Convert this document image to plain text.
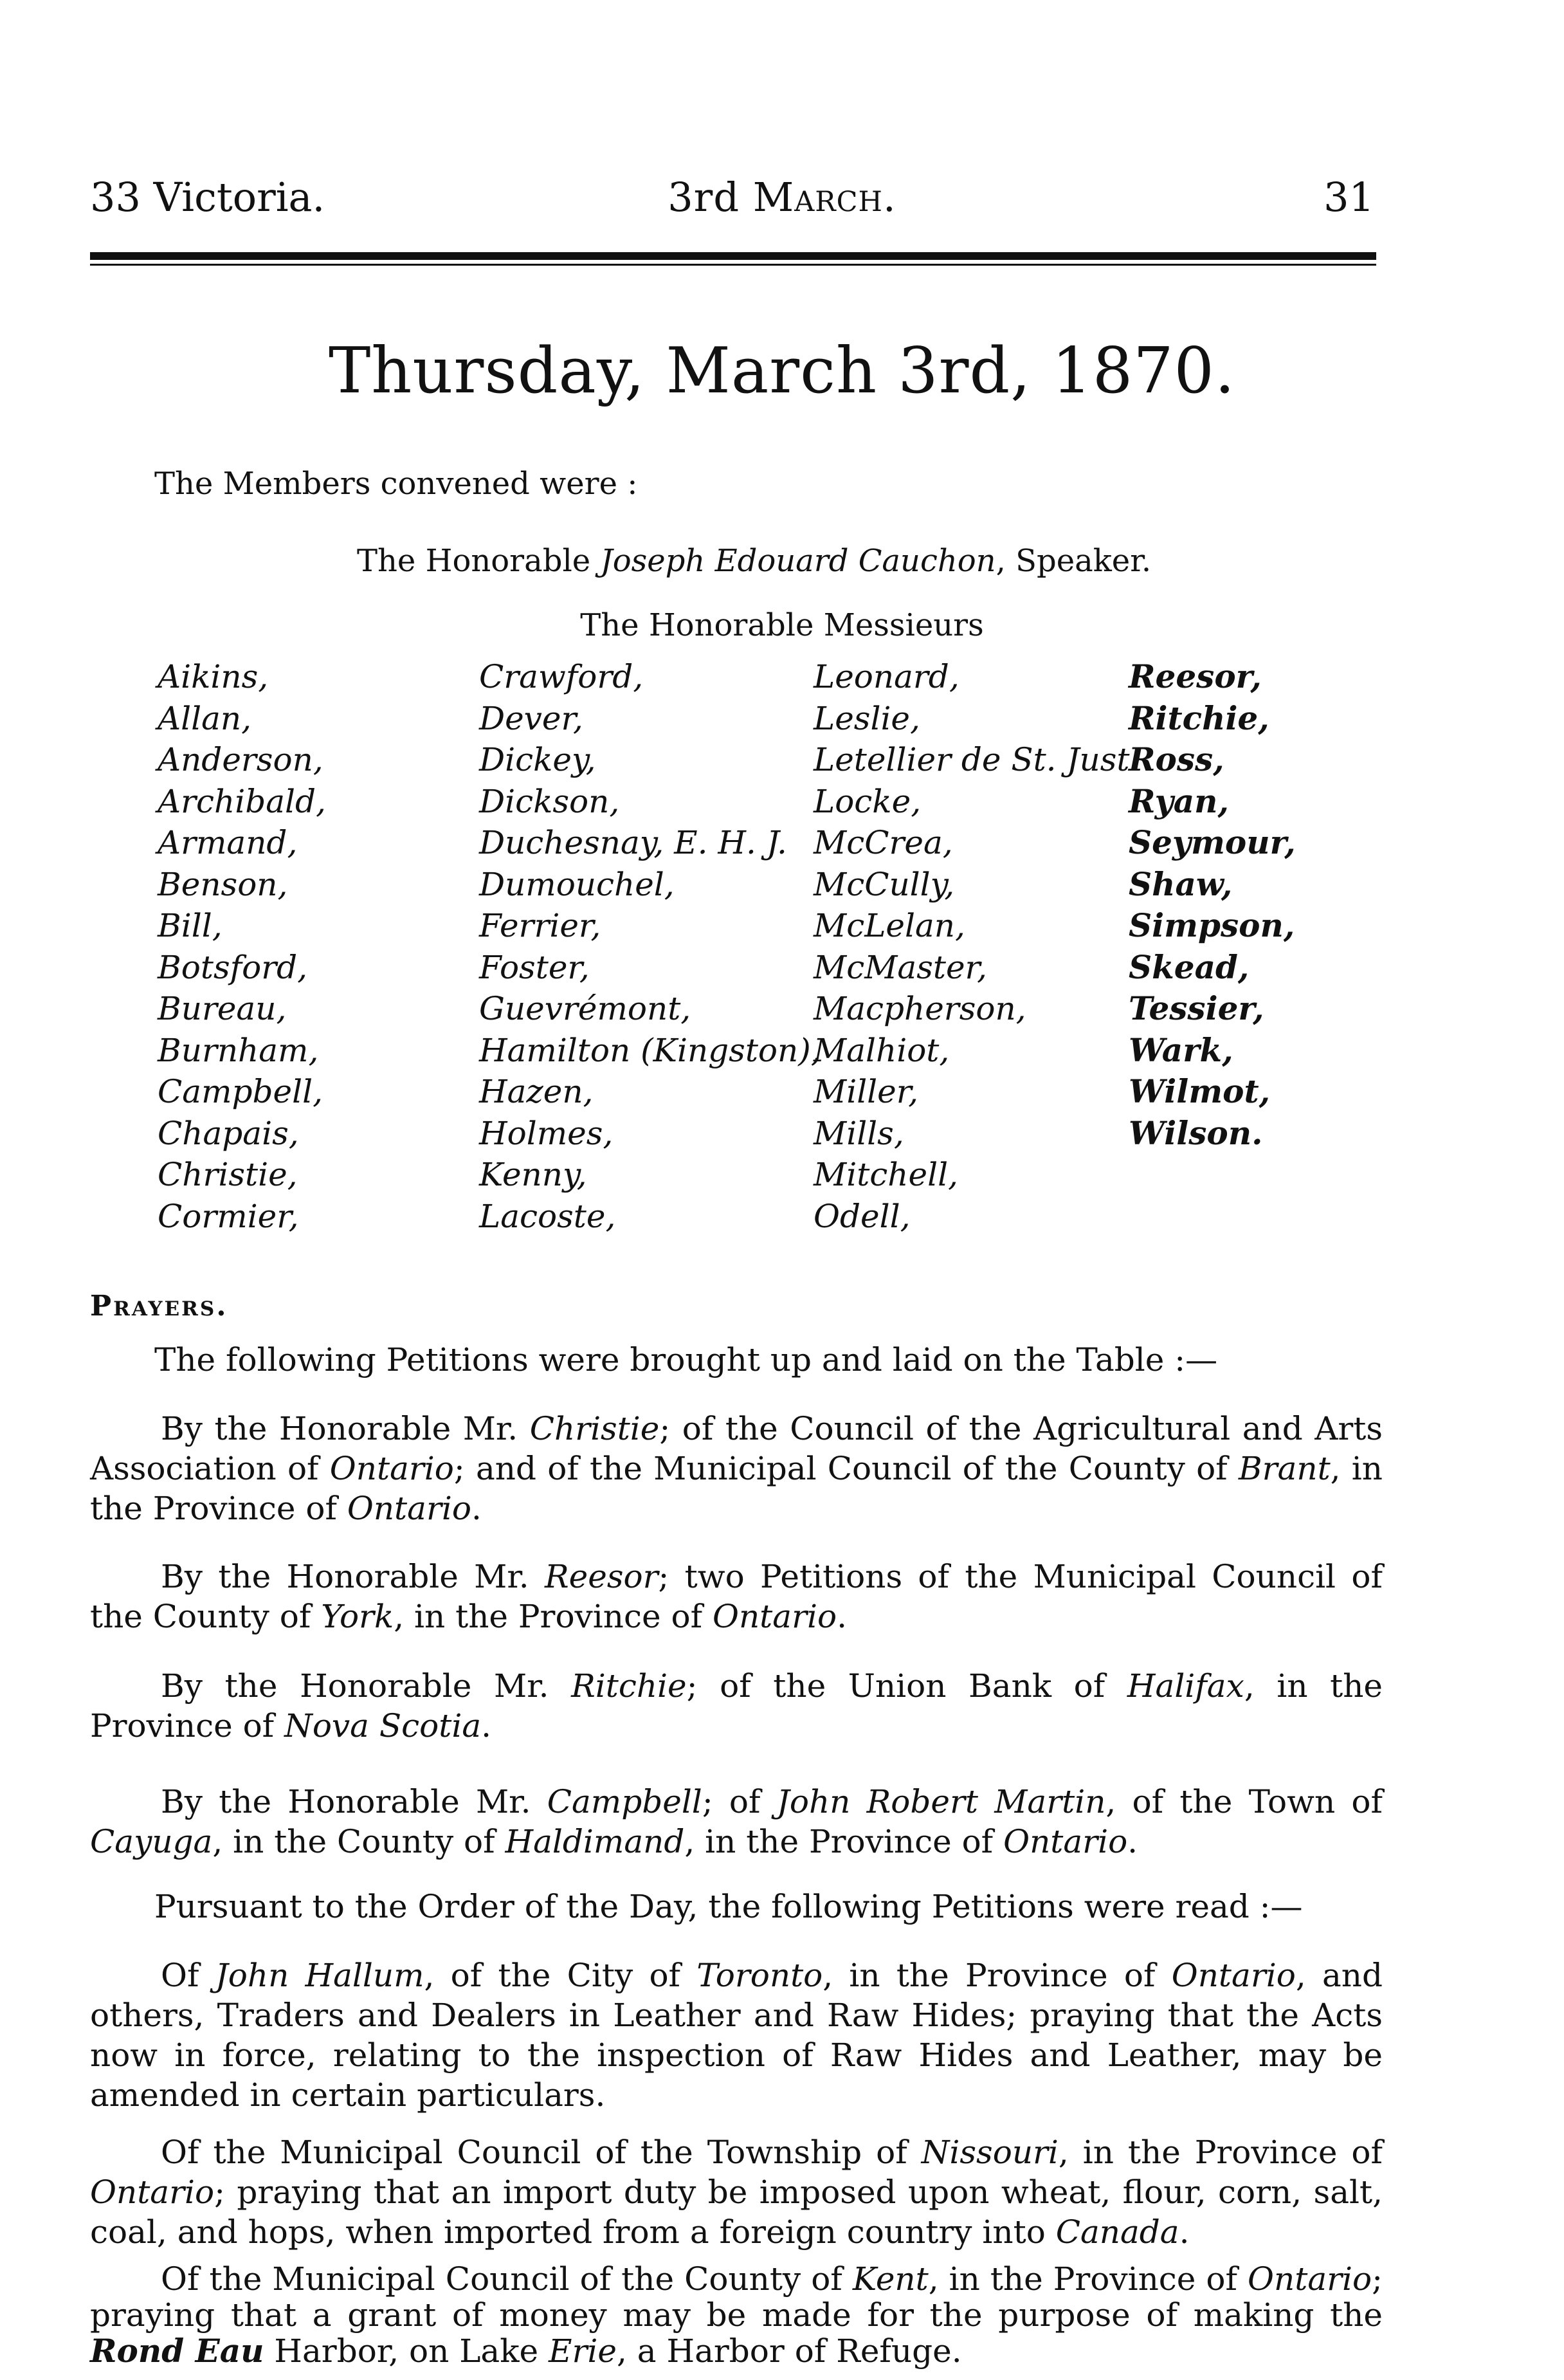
33 Victoria.	3rd March.	31
Thursday, March 3rd, 1870.
The Members convened were :
The Honorable Joseph Edouard Cauchon, Speaker.
The Honorable Messieurs
Aikins,
Allan,
Anderson,
Archibald,
Armand,
Benson,
Bill,
Botsford,
Bureau,
Burnham,
Campbell,
Chapais,
Christie,
Cormier,
Crawford,
Dever,
Dickey,
Dickson,
Duchesnay, E. H. J.
Dumouchel,
Ferrier,
Foster,
Guevrémont,
Hamilton (Kingston),
Hazen,
Holmes,
Kenny,
Lacoste,
Leonard,
Leslie,
Letellier de St. Just
Locke,
McCrea,
McCully,
McLelan,
McMaster,
Macpherson,
Malhiot,
Miller,
Mills,
Mitchell,
Odell,
Reesor,
Ritchie,
Ross,
Ryan,
Seymour,
Shaw,
Simpson,
Skead,
Tessier,
Wark,
Wilmot,
Wilson.
Prayers.
The following Petitions were brought up and laid on the Table :—
By the Honorable Mr. Christie; of the Council of the Agricultural and Arts Association of Ontario; and of the Municipal Council of the County of Brant, in the Province of Ontario.
By the Honorable Mr. Reesor; two Petitions of the Municipal Council of the County of York, in the Province of Ontario.
By the Honorable Mr. Ritchie; of the Union Bank of Halifax, in the Province of Nova Scotia.
By the Honorable Mr. Campbell; of John Robert Martin, of the Town of Cayuga, in the County of Haldimand, in the Province of Ontario.
Pursuant to the Order of the Day, the following Petitions were read :—
Of John Hallum, of the City of Toronto, in the Province of Ontario, and others, Traders and Dealers in Leather and Raw Hides; praying that the Acts now in force, relating to the inspection of Raw Hides and Leather, may be amended in certain particulars.
Of the Municipal Council of the Township of Nissouri, in the Province of Ontario; praying that an import duty be imposed upon wheat, flour, corn, salt, coal, and hops, when imported from a foreign country into Canada.
Of the Municipal Council of the County of Kent, in the Province of Ontario; praying that a grant of money may be made for the purpose of making the Rond Eau Harbor, on Lake Erie, a Harbor of Refuge.
